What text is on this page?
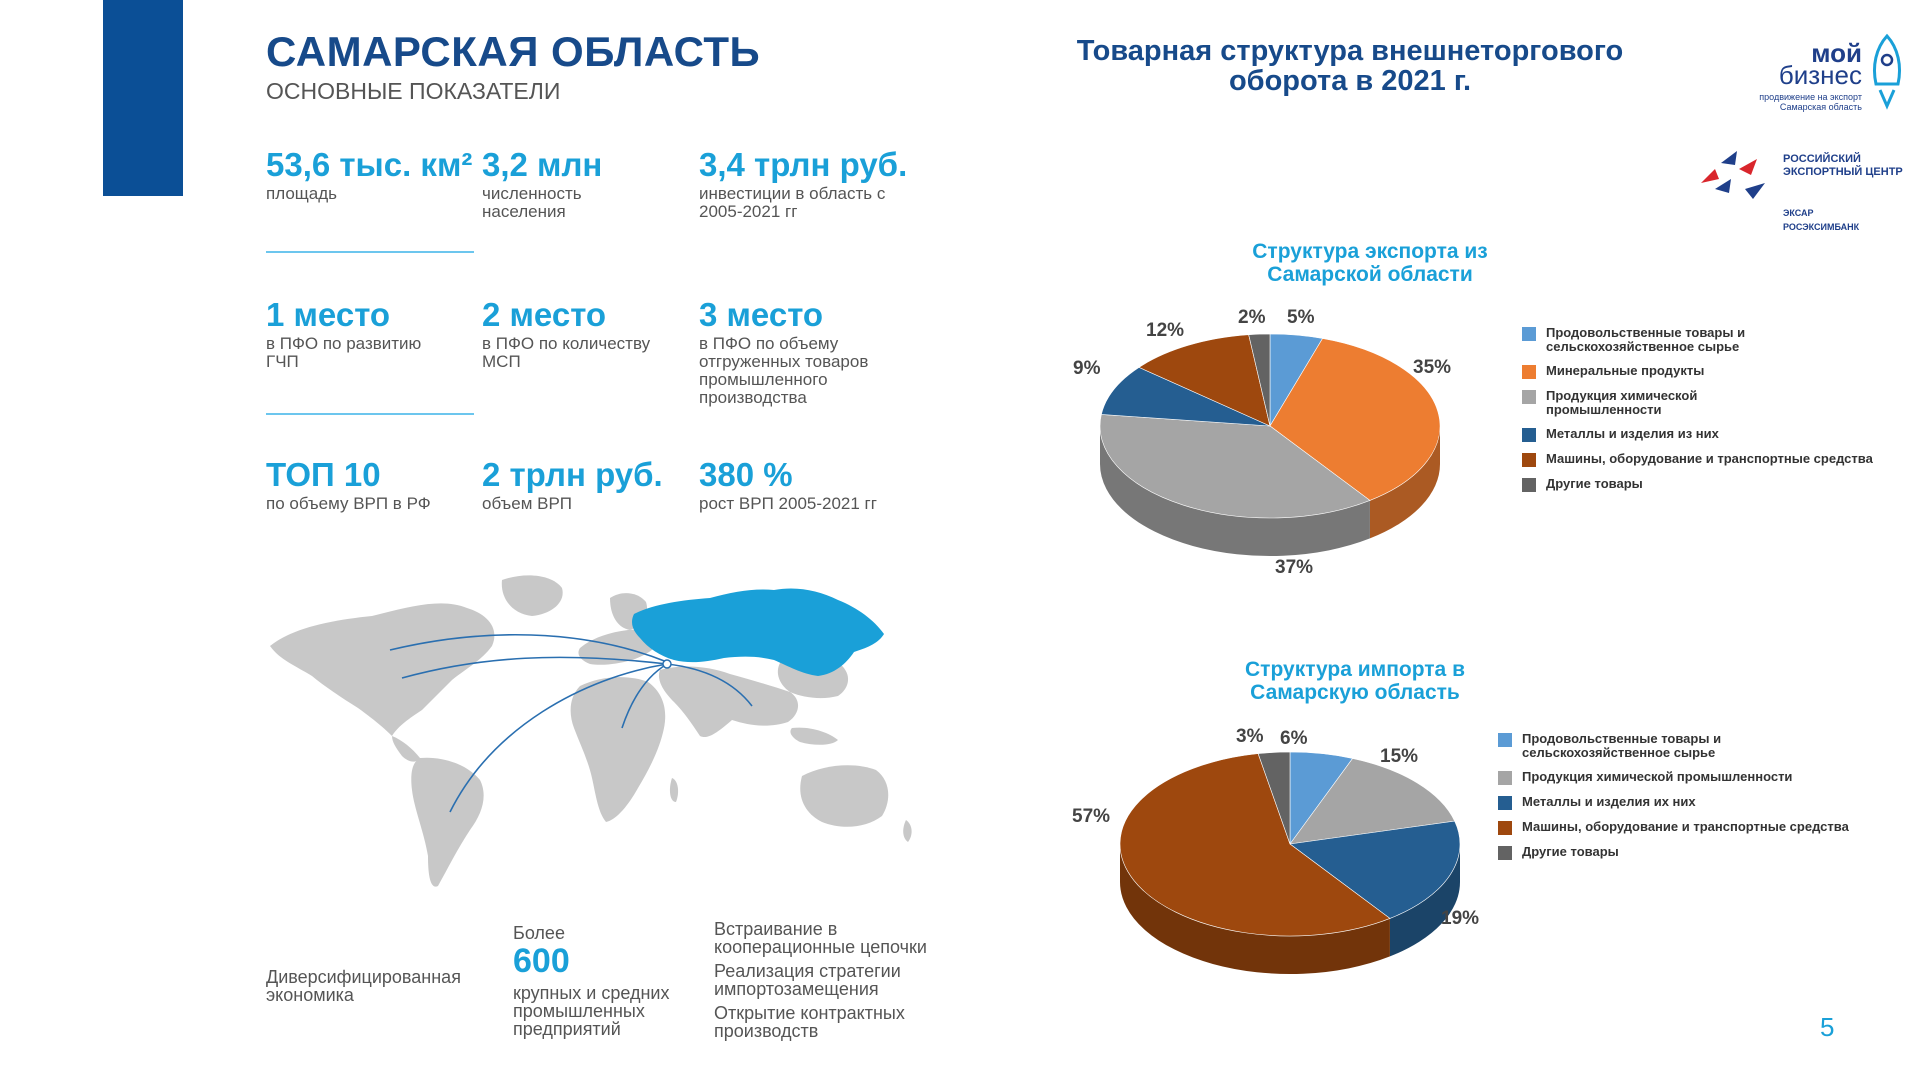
САМАРСКАЯ ОБЛАСТЬ
ОСНОВНЫЕ ПОКАЗАТЕЛИ
53,6 тыс. км²
площадь
3,2 млн
численность населения
3,4 трлн руб.
инвестиции в область с 2005-2021 гг
1 место
в ПФО по развитию ГЧП
2 место
в ПФО по количеству МСП
3 место
в ПФО по объему отгруженных товаров промышленного производства
ТОП 10
по объему ВРП в РФ
2 трлн руб.
объем ВРП
380 %
рост ВРП 2005-2021 гг
Диверсифицированная экономика
Более
600
крупных и средних промышленных предприятий
Встраивание в кооперационные цепочки
Реализация стратегии импортозамещения
Открытие контрактных производств
Товарная структура внешнеторгового оборота в 2021 г.
мой
бизнес
продвижение на экспорт Самарская область
РОССИЙСКИЙ ЭКСПОРТНЫЙ ЦЕНТР
ЭКСАР
РОСЭКСИМБАНК
Структура экспорта из Самарской области
5%
35%
37%
9%
12%
2%
Продовольственные товары и сельскохозяйственное сырье
Минеральные продукты
Продукция химической промышленности
Металлы и изделия из них
Машины, оборудование и транспортные средства
Другие товары
Структура импорта в Самарскую область
6%
15%
19%
57%
3%	Продовольственные товары и сельскохозяйственное сырье
Продукция химической промышленности
Металлы и изделия их них
Машины, оборудование и транспортные средства
Другие товары
5
